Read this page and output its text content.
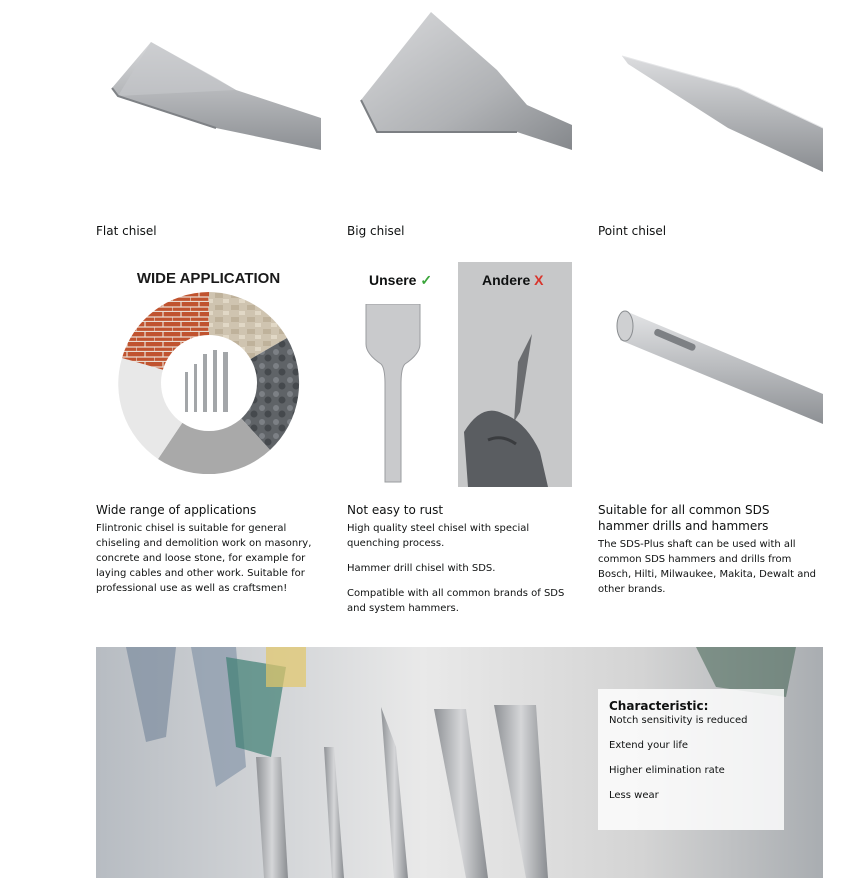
Flat chisel	Big chisel	Point chisel
WIDE APPLICATION	Unsere ✓	Andere X
Wide range of applications

Flintronic chisel is suitable for general chiseling and demolition work on masonry, concrete and loose stone, for example for laying cables and other work. Suitable for professional use as well as craftsmen!

Not easy to rust

High quality steel chisel with special quenching process.

Hammer drill chisel with SDS.

Compatible with all common brands of SDS and system hammers.

Suitable for all common SDS hammer drills and hammers

The SDS-Plus shaft can be used with all common SDS hammers and drills from Bosch, Hilti, Milwaukee, Makita, Dewalt and other brands.

Characteristic:
Notch sensitivity is reduced
Extend your life
Higher elimination rate
Less wear
